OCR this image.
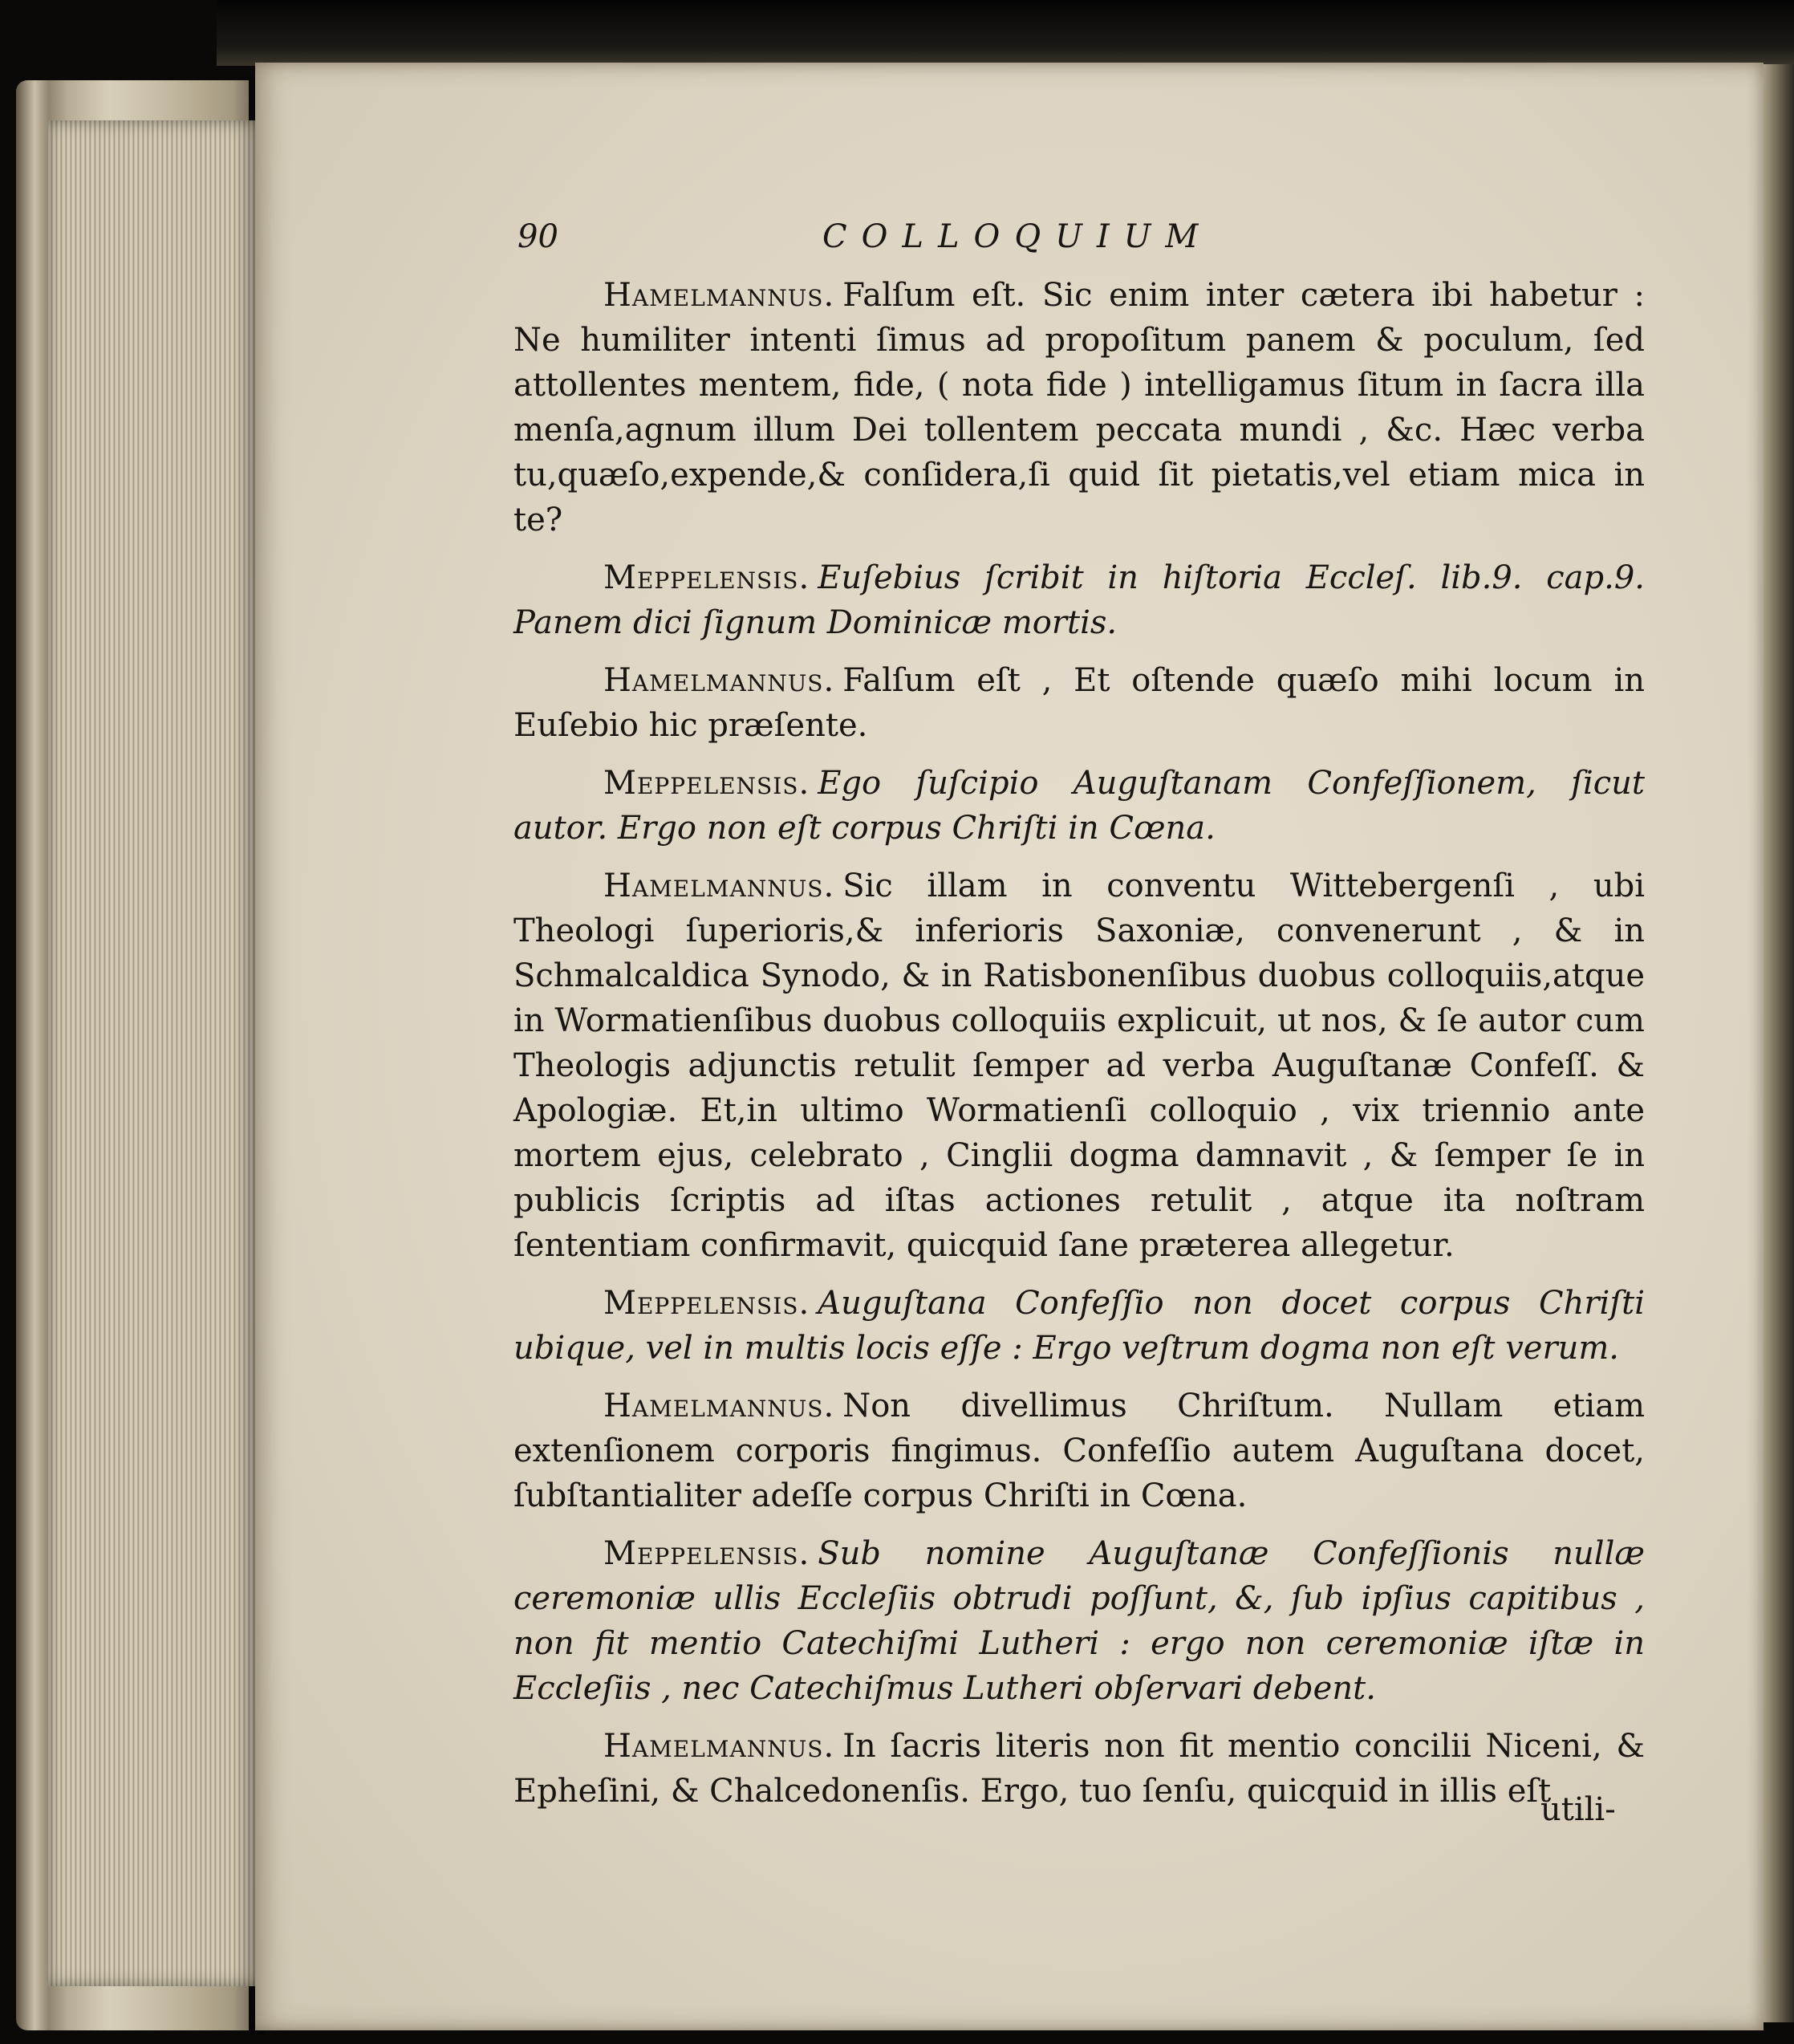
90	COLLOQUIUM

Hamelmannus. Falſum eſt. Sic enim inter cætera ibi habetur : Ne humiliter intenti ſimus ad propoſitum panem & poculum, ſed attollentes mentem, fide, ( nota fide ) intelligamus ſitum in ſacra illa menſa,agnum illum Dei tollentem peccata mundi , &c. Hæc verba tu,quæſo,expende,& conſidera,ſi quid ſit pietatis,vel etiam mica in te?

Meppelensis. Euſebius ſcribit in hiſtoria Eccleſ. lib.9. cap.9. Panem dici ſignum Dominicæ mortis.

Hamelmannus. Falſum eſt , Et oſtende quæſo mihi locum in Euſebio hic præſente.

Meppelensis. Ego ſuſcipio Auguſtanam Confeſſionem, ſicut autor. Ergo non eſt corpus Chriſti in Cœna.

Hamelmannus. Sic illam in conventu Wittebergenſi , ubi Theologi ſuperioris,& inferioris Saxoniæ, convenerunt , & in Schmalcaldica Synodo, & in Ratisbonenſibus duobus colloquiis,atque in Wormatienſibus duobus colloquiis explicuit, ut nos, & ſe autor cum Theologis adjunctis retulit ſemper ad verba Auguſtanæ Confeſſ. & Apologiæ. Et,in ultimo Wormatienſi colloquio , vix triennio ante mortem ejus, celebrato , Cinglii dogma damnavit , & ſemper ſe in publicis ſcriptis ad iſtas actiones retulit , atque ita noſtram ſententiam confirmavit, quicquid ſane præterea allegetur.

Meppelensis. Auguſtana Confeſſio non docet corpus Chriſti ubique, vel in multis locis eſſe : Ergo veſtrum dogma non eſt verum.

Hamelmannus. Non divellimus Chriſtum. Nullam etiam extenſionem corporis fingimus. Confeſſio autem Auguſtana docet, ſubſtantialiter adeſſe corpus Chriſti in Cœna.

Meppelensis. Sub nomine Auguſtanæ Confeſſionis nullæ ceremoniæ ullis Eccleſiis obtrudi poſſunt, &, ſub ipſius capitibus , non fit mentio Catechiſmi Lutheri : ergo non ceremoniæ iſtæ in Eccleſiis , nec Catechiſmus Lutheri obſervari debent.

Hamelmannus. In ſacris literis non fit mentio concilii Niceni, & Epheſini, & Chalcedonenſis. Ergo, tuo ſenſu, quicquid in illis eſt

utili-
